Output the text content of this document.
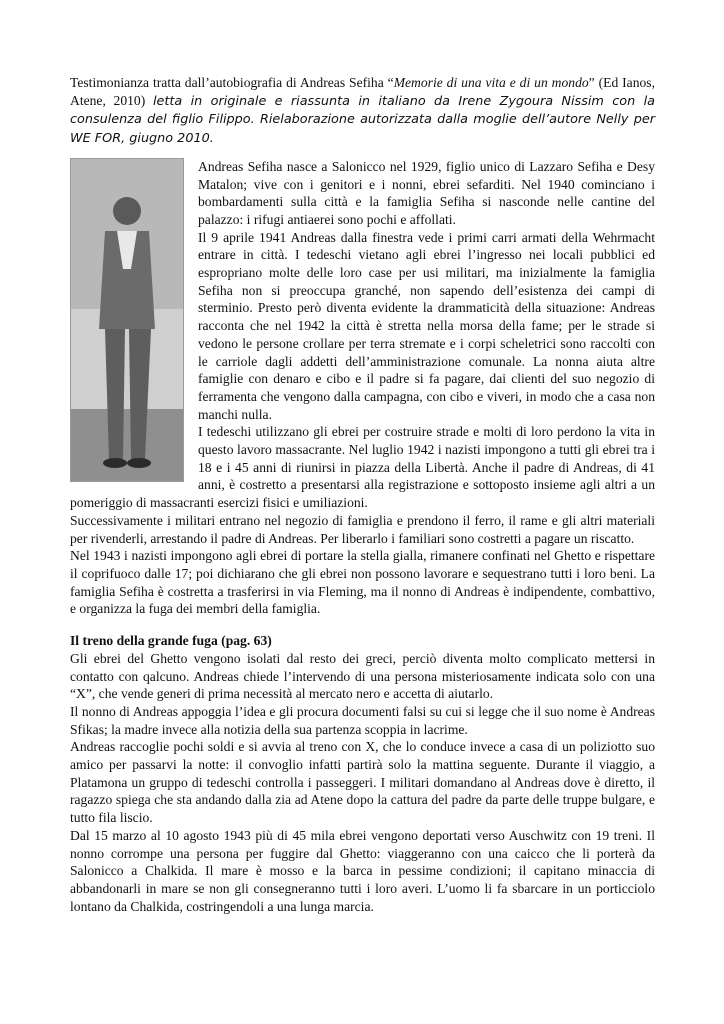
Testimonianza tratta dall’autobiografia di Andreas Sefiha “Memorie di una vita e di un mondo” (Ed Ianos, Atene, 2010) letta in originale e riassunta in italiano da Irene Zygoura Nissim con la consulenza del figlio Filippo. Rielaborazione autorizzata dalla moglie dell’autore Nelly per WE FOR, giugno 2010.

Andreas Sefiha nasce a Salonicco nel 1929, figlio unico di Lazzaro Sefiha e Desy Matalon; vive con i genitori e i nonni, ebrei sefarditi. Nel 1940 cominciano i bombardamenti sulla città e la famiglia Sefiha si nasconde nelle cantine del palazzo: i rifugi antiaerei sono pochi e affollati.

Il 9 aprile 1941 Andreas dalla finestra vede i primi carri armati della Wehrmacht entrare in città. I tedeschi vietano agli ebrei l’ingresso nei locali pubblici ed espropriano molte delle loro case per usi militari, ma inizialmente la famiglia Sefiha non si preoccupa granché, non sapendo dell’esistenza dei campi di sterminio. Presto però diventa evidente la drammaticità della situazione: Andreas racconta che nel 1942 la città è stretta nella morsa della fame; per le strade si vedono le persone crollare per terra stremate e i corpi scheletrici sono raccolti con le carriole dagli addetti dell’amministrazione comunale. La nonna aiuta altre famiglie con denaro e cibo e il padre si fa pagare, dai clienti del suo negozio di ferramenta che vengono dalla campagna, con cibo e viveri, in modo che a casa non manchi nulla.

I tedeschi utilizzano gli ebrei per costruire strade e molti di loro perdono la vita in questo lavoro massacrante. Nel luglio 1942 i nazisti impongono a tutti gli ebrei tra i 18 e i 45 anni di riunirsi in piazza della Libertà. Anche il padre di Andreas, di 41 anni, è costretto a presentarsi alla registrazione e sottoposto insieme agli altri a un pomeriggio di massacranti esercizi fisici e umiliazioni.

Successivamente i militari entrano nel negozio di famiglia e prendono il ferro, il rame e gli altri materiali per rivenderli, arrestando il padre di Andreas. Per liberarlo i familiari sono costretti a pagare un riscatto.

Nel 1943 i nazisti impongono agli ebrei di portare la stella gialla, rimanere confinati nel Ghetto e rispettare il coprifuoco dalle 17; poi dichiarano che gli ebrei non possono lavorare e sequestrano tutti i loro beni. La famiglia Sefiha è costretta a trasferirsi in via Fleming, ma il nonno di Andreas è indipendente, combattivo, e organizza la fuga dei membri della famiglia.

Il treno della grande fuga (pag. 63)

Gli ebrei del Ghetto vengono isolati dal resto dei greci, perciò diventa molto complicato mettersi in contatto con qalcuno. Andreas chiede l’intervendo di una persona misteriosamente indicata solo con una “X”, che vende generi di prima necessità al mercato nero e accetta di aiutarlo.

Il nonno di Andreas appoggia l’idea e gli procura documenti falsi su cui si legge che il suo nome è Andreas Sfikas; la madre invece alla notizia della sua partenza scoppia in lacrime.

Andreas raccoglie pochi soldi e si avvia al treno con X, che lo conduce invece a casa di un poliziotto suo amico per passarvi la notte: il convoglio infatti partirà solo la mattina seguente. Durante il viaggio, a Platamona un gruppo di tedeschi controlla i passeggeri. I militari domandano al Andreas dove è diretto, il ragazzo spiega che sta andando dalla zia ad Atene dopo la cattura del padre da parte delle truppe bulgare, e tutto fila liscio.

Dal 15 marzo al 10 agosto 1943 più di 45 mila ebrei vengono deportati verso Auschwitz con 19 treni. Il nonno corrompe una persona per fuggire dal Ghetto: viaggeranno con una caicco che li porterà da Salonicco a Chalkida. Il mare è mosso e la barca in pessime condizioni; il capitano minaccia di abbandonarli in mare se non gli consegneranno tutti i loro averi. L’uomo li fa sbarcare in un porticciolo lontano da Chalkida, costringendoli a una lunga marcia.
